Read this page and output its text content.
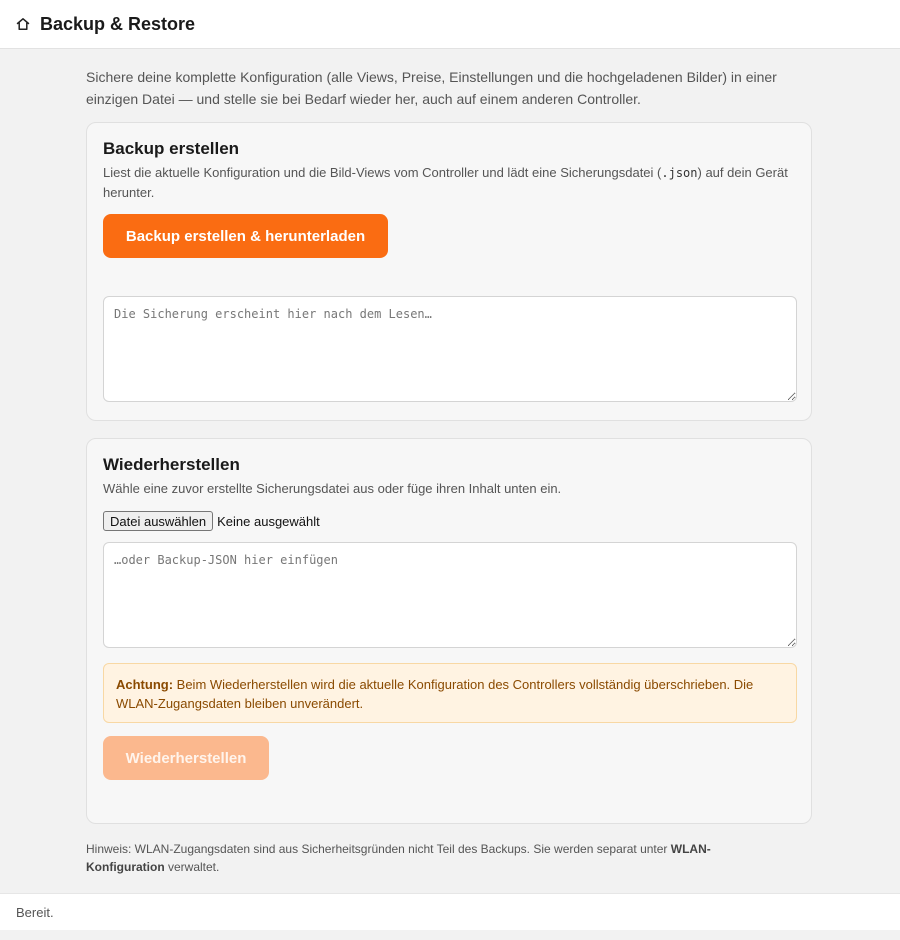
Backup & Restore
Sichere deine komplette Konfiguration (alle Views, Preise, Einstellungen und die hochgeladenen Bilder) in einer einzigen Datei — und stelle sie bei Bedarf wieder her, auch auf einem anderen Controller.
Backup erstellen
Liest die aktuelle Konfiguration und die Bild-Views vom Controller und lädt eine Sicherungsdatei (.json) auf dein Gerät herunter.
Backup erstellen & herunterladen
Die Sicherung erscheint hier nach dem Lesen…
Wiederherstellen
Wähle eine zuvor erstellte Sicherungsdatei aus oder füge ihren Inhalt unten ein.
Datei auswählen Keine ausgewählt
…oder Backup-JSON hier einfügen
Achtung: Beim Wiederherstellen wird die aktuelle Konfiguration des Controllers vollständig überschrieben. Die WLAN-Zugangsdaten bleiben unverändert.
Wiederherstellen
Hinweis: WLAN-Zugangsdaten sind aus Sicherheitsgründen nicht Teil des Backups. Sie werden separat unter WLAN-Konfiguration verwaltet.
Bereit.
